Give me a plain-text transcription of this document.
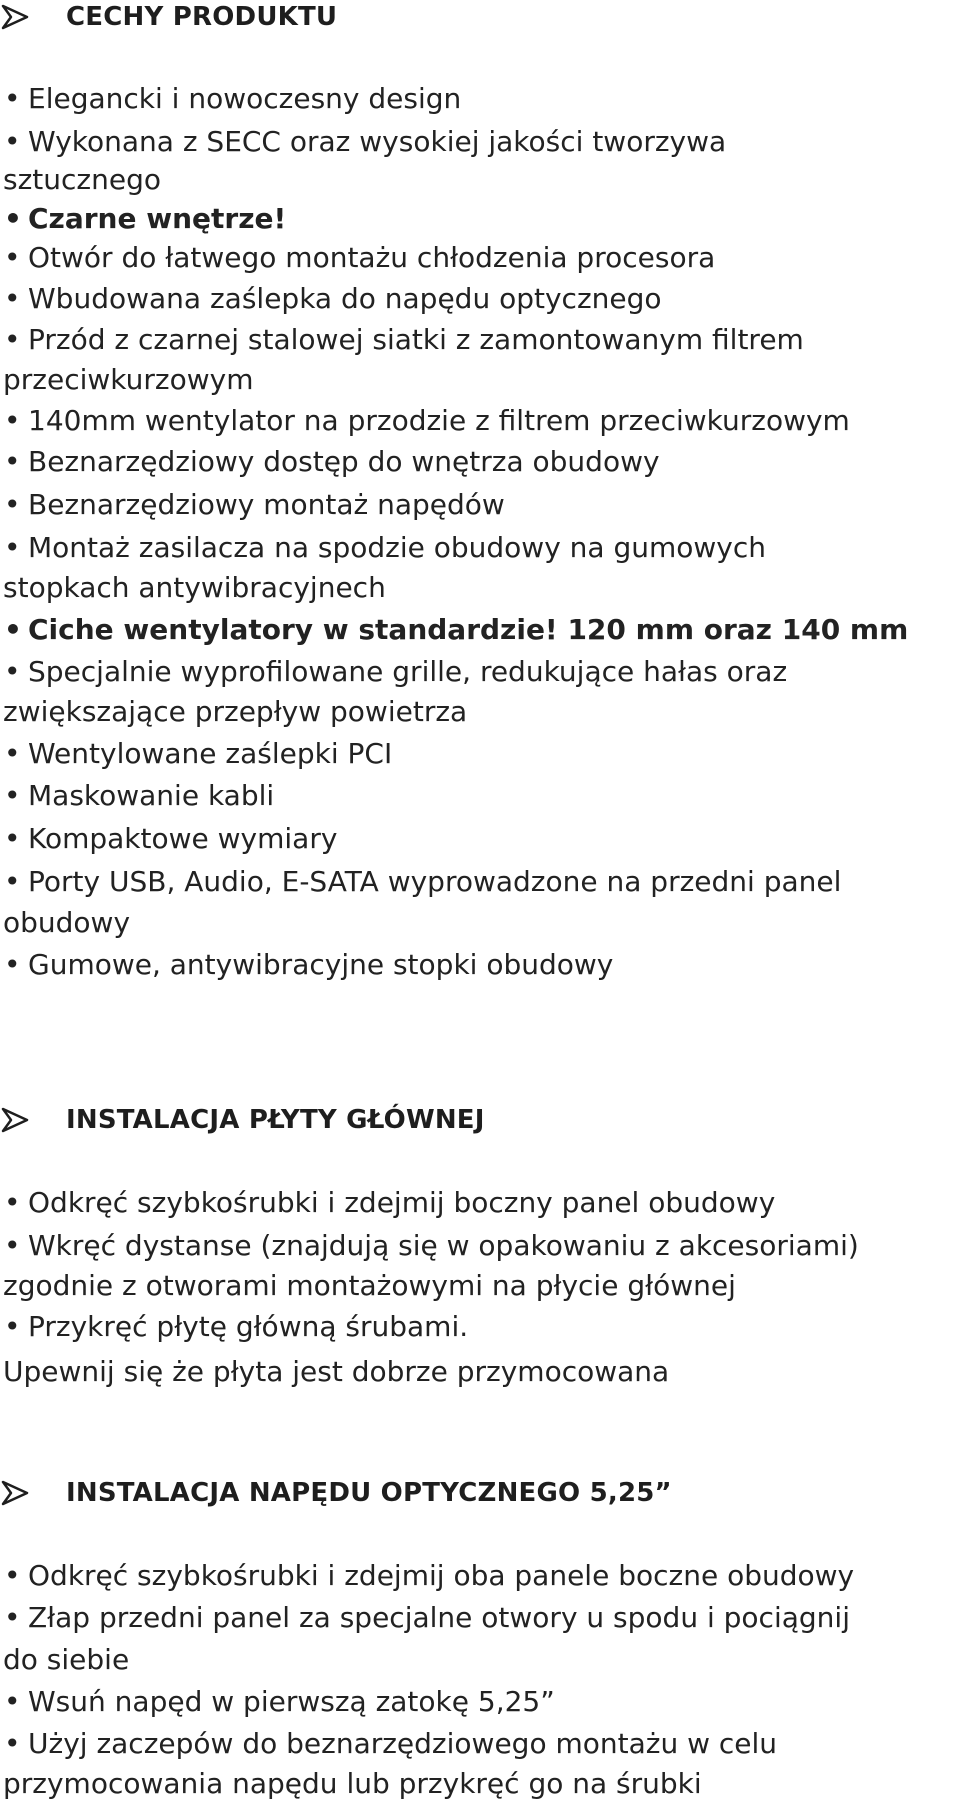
CECHY PRODUKTU
• Elegancki i nowoczesny design
• Wykonana z SECC oraz wysokiej jakości tworzywa
sztucznego
• Czarne wnętrze!
• Otwór do łatwego montażu chłodzenia procesora
• Wbudowana zaślepka do napędu optycznego
• Przód z czarnej stalowej siatki z zamontowanym filtrem
przeciwkurzowym
• 140mm wentylator na przodzie z filtrem przeciwkurzowym
• Beznarzędziowy dostęp do wnętrza obudowy
• Beznarzędziowy montaż napędów
• Montaż zasilacza na spodzie obudowy na gumowych
stopkach antywibracyjnech
• Ciche wentylatory w standardzie! 120 mm oraz 140 mm
• Specjalnie wyprofilowane grille, redukujące hałas oraz
zwiększające przepływ powietrza
• Wentylowane zaślepki PCI
• Maskowanie kabli
• Kompaktowe wymiary
• Porty USB, Audio, E-SATA wyprowadzone na przedni panel
obudowy
• Gumowe, antywibracyjne stopki obudowy
INSTALACJA PŁYTY GŁÓWNEJ
• Odkręć szybkośrubki i zdejmij boczny panel obudowy
• Wkręć dystanse (znajdują się w opakowaniu z akcesoriami)
zgodnie z otworami montażowymi na płycie głównej
• Przykręć płytę główną śrubami.
Upewnij się że płyta jest dobrze przymocowana
INSTALACJA NAPĘDU OPTYCZNEGO 5,25”
• Odkręć szybkośrubki i zdejmij oba panele boczne obudowy
• Złap przedni panel za specjalne otwory u spodu i pociągnij
do siebie
• Wsuń napęd w pierwszą zatokę 5,25”
• Użyj zaczepów do beznarzędziowego montażu w celu
przymocowania napędu lub przykręć go na śrubki
